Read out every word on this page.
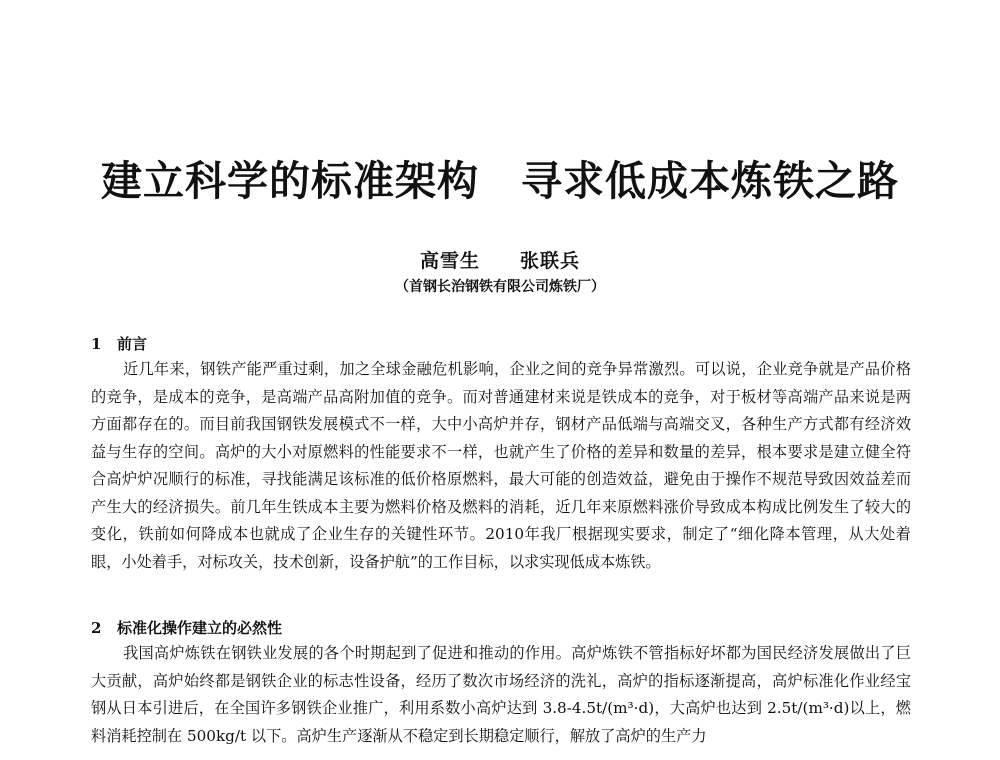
建立科学的标准架构　寻求低成本炼铁之路
高雪生　　张联兵
（首钢长治钢铁有限公司炼铁厂）
1 前言

近几年来，钢铁产能严重过剩，加之全球金融危机影响，企业之间的竞争异常激烈。可以说，企业竞争就是产品价格的竞争，是成本的竞争，是高端产品高附加值的竞争。而对普通建材来说是铁成本的竞争，对于板材等高端产品来说是两方面都存在的。而目前我国钢铁发展模式不一样，大中小高炉并存，钢材产品低端与高端交叉，各种生产方式都有经济效益与生存的空间。高炉的大小对原燃料的性能要求不一样，也就产生了价格的差异和数量的差异，根本要求是建立健全符合高炉炉况顺行的标准，寻找能满足该标准的低价格原燃料，最大可能的创造效益，避免由于操作不规范导致因效益差而产生大的经济损失。前几年生铁成本主要为燃料价格及燃料的消耗，近几年来原燃料涨价导致成本构成比例发生了较大的变化，铁前如何降成本也就成了企业生存的关键性环节。2010年我厂根据现实要求，制定了“细化降本管理，从大处着眼，小处着手，对标攻关，技术创新，设备护航”的工作目标，以求实现低成本炼铁。

2 标准化操作建立的必然性

我国高炉炼铁在钢铁业发展的各个时期起到了促进和推动的作用。高炉炼铁不管指标好坏都为国民经济发展做出了巨大贡献，高炉始终都是钢铁企业的标志性设备，经历了数次市场经济的洗礼，高炉的指标逐渐提高，高炉标准化作业经宝钢从日本引进后，在全国许多钢铁企业推广，利用系数小高炉达到 3.8-4.5t/(m³·d)，大高炉也达到 2.5t/(m³·d)以上，燃料消耗控制在 500kg/t 以下。高炉生产逐渐从不稳定到长期稳定顺行，解放了高炉的生产力
